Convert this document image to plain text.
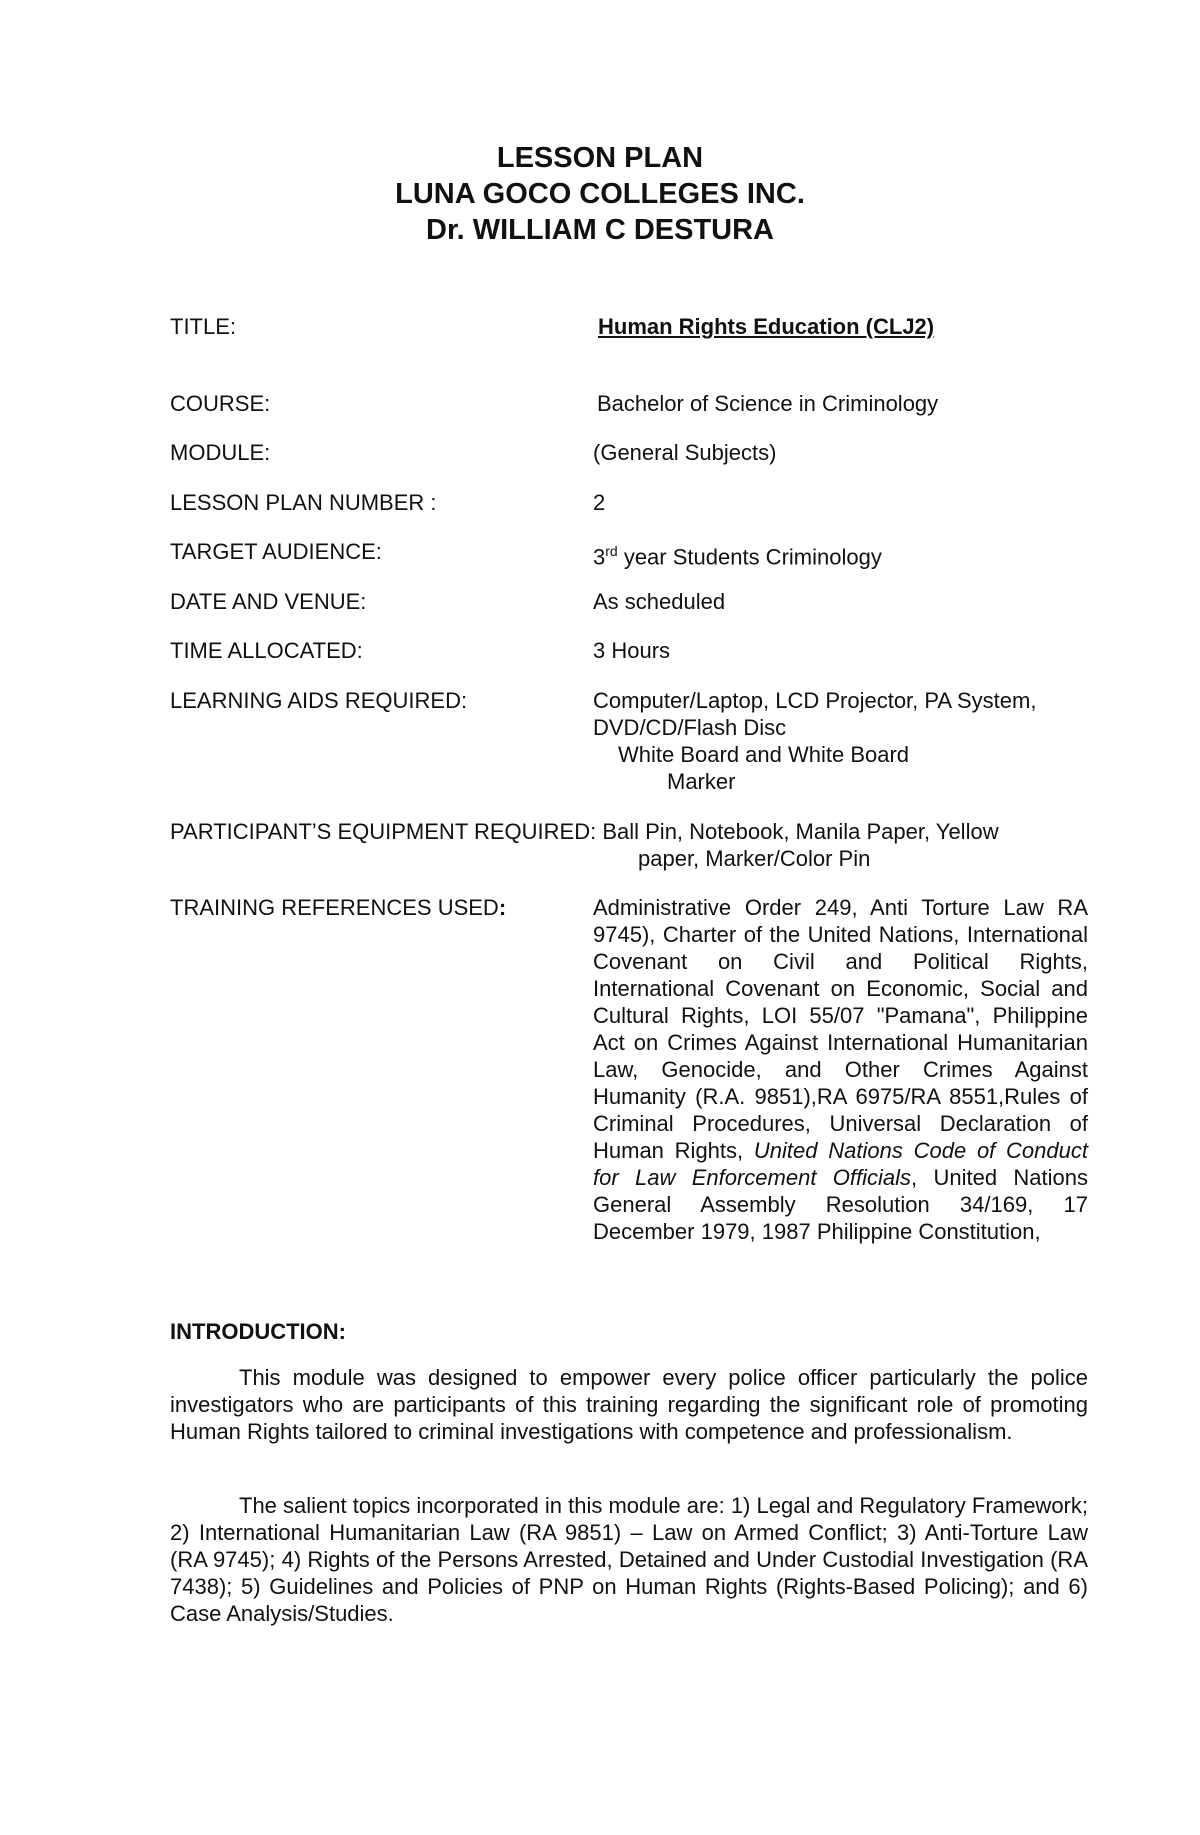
LESSON PLAN
LUNA GOCO COLLEGES INC.
Dr. WILLIAM C DESTURA
TITLE:	Human Rights Education (CLJ2)
COURSE:	Bachelor of Science in Criminology
MODULE:	(General Subjects)
LESSON PLAN NUMBER :	2
TARGET AUDIENCE:	3rd year Students Criminology
DATE AND VENUE:	As scheduled
TIME ALLOCATED:	3 Hours
LEARNING AIDS REQUIRED:	Computer/Laptop, LCD Projector, PA System,
DVD/CD/Flash Disc
White Board and White Board
Marker
PARTICIPANT’S EQUIPMENT REQUIRED: Ball Pin, Notebook, Manila Paper, Yellow
paper, Marker/Color Pin
TRAINING REFERENCES USED:	Administrative Order 249, Anti Torture Law RA 9745), Charter of the United Nations, International Covenant on Civil and Political Rights, International Covenant on Economic, Social and Cultural Rights, LOI 55/07 "Pamana", Philippine Act on Crimes Against International Humanitarian Law, Genocide, and Other Crimes Against Humanity (R.A. 9851),RA 6975/RA 8551,Rules of Criminal Procedures, Universal Declaration of Human Rights, United Nations Code of Conduct for Law Enforcement Officials, United Nations General Assembly Resolution 34/169, 17 December 1979, 1987 Philippine Constitution,
INTRODUCTION:

This module was designed to empower every police officer particularly the police investigators who are participants of this training regarding the significant role of promoting Human Rights tailored to criminal investigations with competence and professionalism.

The salient topics incorporated in this module are: 1) Legal and Regulatory Framework; 2) International Humanitarian Law (RA 9851) – Law on Armed Conflict; 3) Anti-Torture Law (RA 9745); 4) Rights of the Persons Arrested, Detained and Under Custodial Investigation (RA 7438); 5) Guidelines and Policies of PNP on Human Rights (Rights-Based Policing); and 6) Case Analysis/Studies.
